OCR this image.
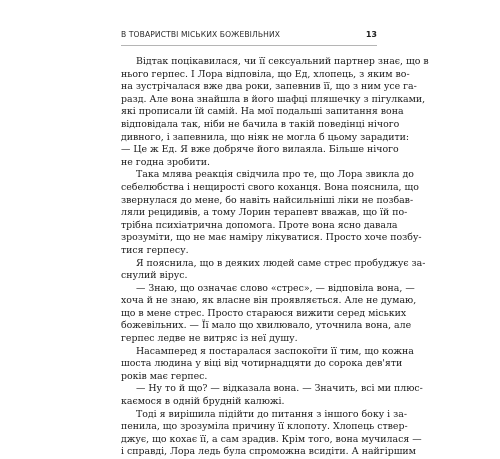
В ТОВАРИСТВІ МІСЬКИХ БОЖЕВІЛЬНИХ	13

Відтак поцікавилася, чи її сексуальний партнер знає, що в
нього герпес. І Лора відповіла, що Ед, хлопець, з яким во-
на зустрічалася вже два роки, запевнив її, що з ним усе га-
разд. Але вона знайшла в його шафці пляшечку з пігулками,
які прописали їй самій. На мої подальші запитання вона
відповідала так, ніби не бачила в такій поведінці нічого
дивного, і запевнила, що ніяк не могла б цьому зарадити:
— Це ж Ед. Я вже добряче його вилаяла. Більше нічого
не годна зробити.

Така млява реакція свідчила про те, що Лора звикла до
себелюбства і нещирості свого коханця. Вона пояснила, що
звернулася до мене, бо навіть найсильніші ліки не позбав-
ляли рецидивів, а тому Лорин терапевт вважав, що їй по-
трібна психіатрична допомога. Проте вона ясно давала
зрозуміти, що не має наміру лікуватися. Просто хоче позбу-
тися герпесу.

Я пояснила, що в деяких людей саме стрес пробуджує за-
снулий вірус.

— Знаю, що означає слово «стрес», — відповіла вона, —
хоча й не знаю, як власне він проявляється. Але не думаю,
що в мене стрес. Просто стараюся вижити серед міських
божевільних. — Її мало що хвилювало, уточнила вона, але
герпес ледве не витряс із неї душу.

Насамперед я постаралася заспокоїти її тим, що кожна
шоста людина у віці від чотирнадцяти до сорока дев'яти
років має герпес.

— Ну то й що? — відказала вона. — Значить, всі ми плюс-
каємося в одній брудній калюжі.

Тоді я вирішила підійти до питання з іншого боку і за-
пенила, що зрозуміла причину її клопоту. Хлопець ствер-
джує, що кохає її, а сам зрадив. Крім того, вона мучилася —
і справді, Лора ледь була спроможна всидіти. А найгіршим
